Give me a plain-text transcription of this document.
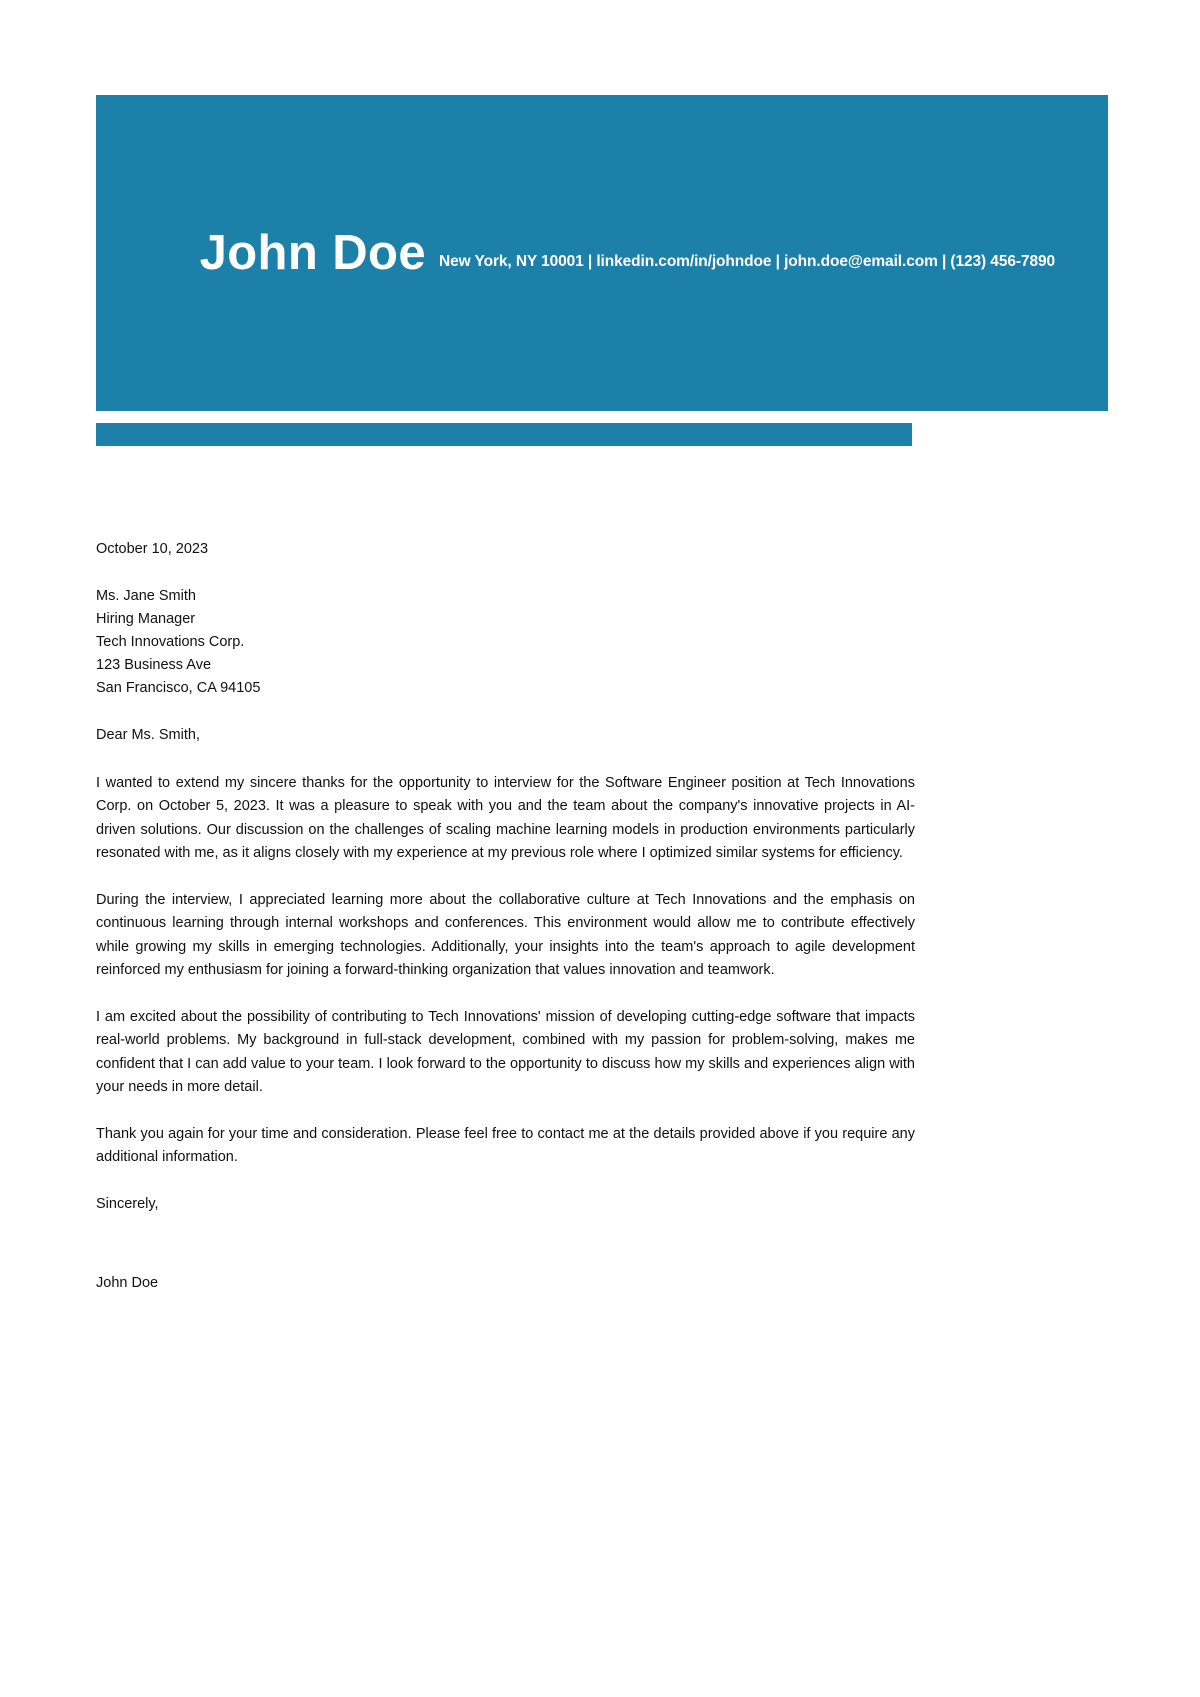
John Doe New York, NY 10001 | linkedin.com/in/johndoe | john.doe@email.com | (123) 456-7890

October 10, 2023

Ms. Jane Smith

Hiring Manager

Tech Innovations Corp.

123 Business Ave

San Francisco, CA 94105

Dear Ms. Smith,

I wanted to extend my sincere thanks for the opportunity to interview for the Software Engineer position at Tech Innovations Corp. on October 5, 2023. It was a pleasure to speak with you and the team about the company's innovative projects in AI-driven solutions. Our discussion on the challenges of scaling machine learning models in production environments particularly resonated with me, as it aligns closely with my experience at my previous role where I optimized similar systems for efficiency.

During the interview, I appreciated learning more about the collaborative culture at Tech Innovations and the emphasis on continuous learning through internal workshops and conferences. This environment would allow me to contribute effectively while growing my skills in emerging technologies. Additionally, your insights into the team's approach to agile development reinforced my enthusiasm for joining a forward-thinking organization that values innovation and teamwork.

I am excited about the possibility of contributing to Tech Innovations' mission of developing cutting-edge software that impacts real-world problems. My background in full-stack development, combined with my passion for problem-solving, makes me confident that I can add value to your team. I look forward to the opportunity to discuss how my skills and experiences align with your needs in more detail.

Thank you again for your time and consideration. Please feel free to contact me at the details provided above if you require any additional information.

Sincerely,

John Doe
